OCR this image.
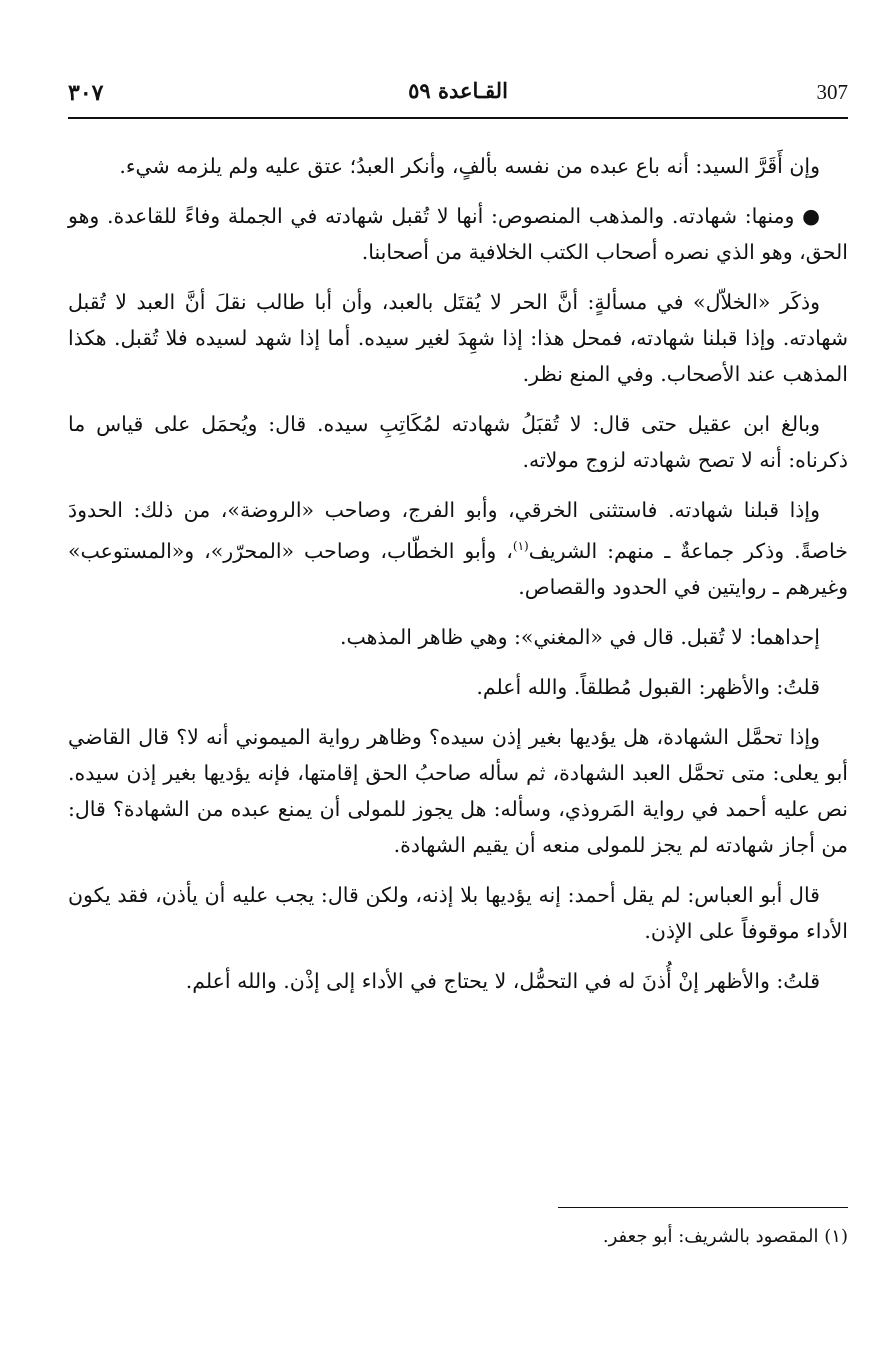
٣٠٧	القـاعدة ٥٩	307

وإن أَقَرَّ السيد: أنه باع عبده من نفسه بألفٍ، وأنكر العبدُ؛ عتق عليه ولم يلزمه شيء.

● ومنها: شهادته. والمذهب المنصوص: أنها لا تُقبل شهادته في الجملة وفاءً للقاعدة. وهو الحق، وهو الذي نصره أصحاب الكتب الخلافية من أصحابنا.

وذكَر «الخلاّل» في مسألةٍ: أنَّ الحر لا يُقتَل بالعبد، وأن أبا طالب نقلَ أنَّ العبد لا تُقبل شهادته. وإذا قبلنا شهادته، فمحل هذا: إذا شهِدَ لغير سيده. أما إذا شهد لسيده فلا تُقبل. هكذا المذهب عند الأصحاب. وفي المنع نظر.

وبالغ ابن عقيل حتى قال: لا تُقبَلُ شهادته لمُكَاتِبِ سيده. قال: ويُحمَل على قياس ما ذكرناه: أنه لا تصح شهادته لزوج مولاته.

وإذا قبلنا شهادته. فاستثنى الخرقي، وأبو الفرج، وصاحب «الروضة»، من ذلك: الحدودَ خاصةً. وذكر جماعةٌ ـ منهم: الشريف$^{(١)}$، وأبو الخطّاب، وصاحب «المحرّر»، و«المستوعب» وغيرهم ـ روايتين في الحدود والقصاص.

إحداهما: لا تُقبل. قال في «المغني»: وهي ظاهر المذهب.

قلتُ: والأظهر: القبول مُطلقاً. والله أعلم.

وإذا تحمَّل الشهادة، هل يؤديها بغير إذن سيده؟ وظاهر رواية الميموني أنه لا؟ قال القاضي أبو يعلى: متى تحمَّل العبد الشهادة، ثم سأله صاحبُ الحق إقامتها، فإنه يؤديها بغير إذن سيده. نص عليه أحمد في رواية المَروذي، وسأله: هل يجوز للمولى أن يمنع عبده من الشهادة؟ قال: من أجاز شهادته لم يجز للمولى منعه أن يقيم الشهادة.

قال أبو العباس: لم يقل أحمد: إنه يؤديها بلا إذنه، ولكن قال: يجب عليه أن يأذن، فقد يكون الأداء موقوفاً على الإذن.

قلتُ: والأظهر إنْ أُذنَ له في التحمُّل، لا يحتاج في الأداء إلى إذْن. والله أعلم.

(١) المقصود بالشريف: أبو جعفر.
